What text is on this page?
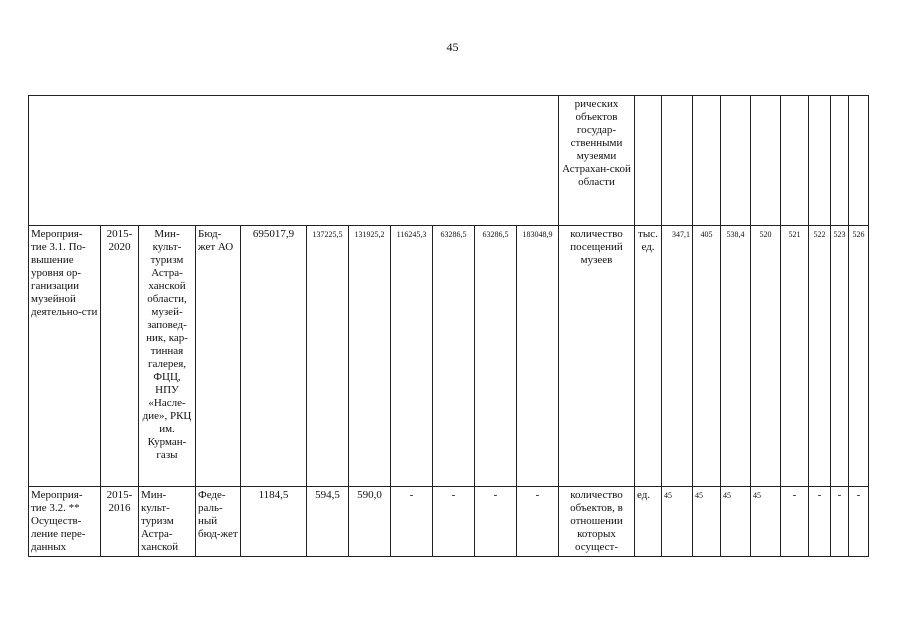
45
											рических объектов государ-ственными музеями Астрахан-ской области									
Мероприя-тие 3.1. По-вышение уровня ор-ганизации музейной деятельно-сти	2015-2020	Мин-культ-туризм Астра-ханской области, музей-заповед-ник, кар-тинная галерея, ФЦЦ, НПУ «Насле-дие», РКЦ им. Курман-газы	Бюд-жет АО	695017,9	137225,5	131925,2	116245,3	63286,5	63286,5	183048,9	количество посещений музеев	тыс. ед.	347,1	405	538,4	520	521	522	523	526
Мероприя-тие 3.2. ** Осуществ-ление пере-данных	2015-2016	Мин-культ-туризм Астра-ханской	Феде-раль-ный бюд-жет	1184,5	594,5	590,0	-	-	-	-	количество объектов, в отношении которых осущест-	ед.	45	45	45	45	-	-	-	-
